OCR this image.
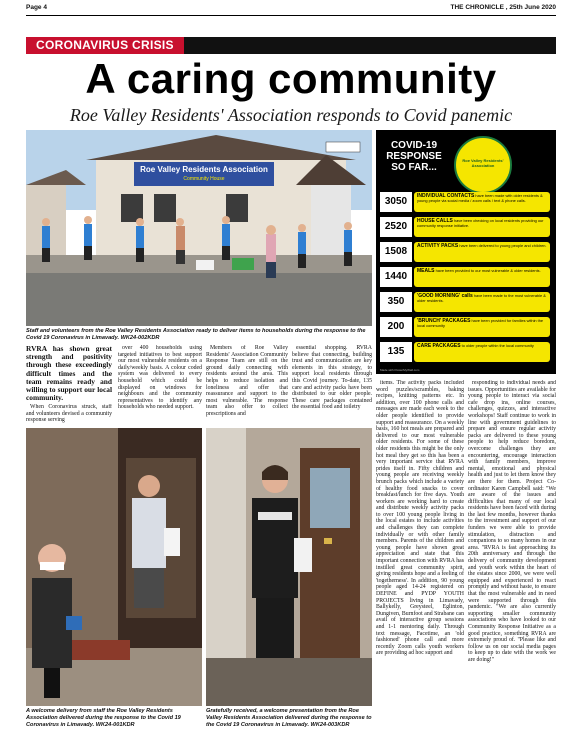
Page 4	THE CHRONICLE , 25th June 2020
CORONAVIRUS CRISIS
A caring community
Roe Valley Residents' Association responds to Covid panemic
Roe Valley Residents Association
Community House
Staff and volunteers from the Roe Valley Residents Association ready to deliver items to households during the response to the Covid 19 Coronavirus in Limavady. WK24-002KDR
COVID-19 RESPONSE SO FAR...
Roe Valley Residents' Association
3050	INDIVIDUAL CONTACTS have been made with older residents & young people via social media / zoom calls / text & phone calls.
2520	HOUSE CALLS have been checking on local residents providing our community response initiative.
1508	ACTIVITY PACKS have been delivered to young people and children.
1440	MEALS have been provided to our most vulnerable & older residents.
350	'GOOD MORNING' calls have been made to the most vulnerable & older residents.
200	'BRUNCH' PACKAGES have been provided for families within the local community
135	CARE PACKAGES to older people within the local community
Made with PosterMyWall.com
RVRA has shown great strength and positivity through these exceedingly difficult times and the team remains ready and willing to support our local community.

When Coronavirus struck, staff and volunteers devised a community response serving

over 400 households using targeted initiatives to best support our most vulnerable residents on a daily/weekly basis. A colour coded system was delivered to every household which could be displayed on windows for neighbours and the community representatives to identify any households who needed support.

Members of Roe Valley Residents' Association Community Response Team are still on the ground daily connecting with residents around the area. This helps to reduce isolation and loneliness and offer that reassurance and support to the most vulnerable. The response team also offer to collect prescriptions and

essential shopping. RVRA believe that connecting, building trust and communication are key elements in this strategy, to support local residents through this Covid journey. To-date, 135 care and activity packs have been distributed to our older people. These care packages contained the essential food and toiletry

A welcome delivery from staff the Roe Valley Residents Association delivered during the response to the Covid 19 Coronavirus in Limavady. WK24-001KDR
Gratefully received, a welcome presentation from the Roe Valley Residents Association delivered during the response to the Covid 19 Coronavirus in Limavady. WK24-003KDR

items. The activity packs included word puzzles/scrambles, baking recipes, knitting patterns etc. In addition, over 100 phone calls and messages are made each week to the older people identified to provide support and reassurance. On a weekly basis, 160 hot meals are prepared and delivered to our most vulnerable older residents. For some of these older residents this might be the only hot meal they get so this has been a very important service that RVRA prides itself in. Fifty children and young people are receiving weekly brunch packs which include a variety of healthy food snacks to cover breakfast/lunch for five days. Youth workers are working hard to create and distribute weekly activity packs to over 100 young people living in the local estates to include activities and challenges they can complete individually or with other family members. Parents of the children and young people have shown great appreciation and state that this important connection with RVRA has instilled great community spirit, giving residents hope and a feeling of 'togetherness'. In addition, 90 young people aged 14-24 registered on DEFINE and PYDP YOUTH PROJECTS living in Limavady, Ballykelly, Greysteel, Eglinton, Dungiven, Burnfoot and Strabane can avail of interactive group sessions and 1-1 mentoring daily. Through text message, Facetime, an 'old fashioned' phone call and more recently Zoom calls youth workers are providing ad hoc support and

responding to individual needs and issues. Opportunities are available for young people to interact via social cafe drop ins, online courses, challenges, quizzes, and interactive workshops! Staff continue to work in line with government guidelines to prepare and ensure regular activity packs are delivered to these young people to help reduce boredom, overcome challenges they are encountering, encourage interaction with family members, improve mental, emotional and physical health and just to let them know they are there for them. Project Co-ordinator Karen Campbell said: "We are aware of the issues and difficulties that many of our local residents have been faced with during the last few months, however thanks to the investment and support of our funders we were able to provide stimulation, distraction and companions to so many homes in our area. "RVRA is fast approaching its 20th anniversary and through the delivery of community development and youth work within the heart of the estates since 2000, we were well equipped and experienced to react promptly and without haste, to ensure that the most vulnerable and in need were supported through this pandemic. "We are also currently supporting smaller community associations who have looked to our Community Response Initiative as a good practice, something RVRA are extremely proud of. "Please like and follow us on our social media pages to keep up to date with the work we are doing!"
